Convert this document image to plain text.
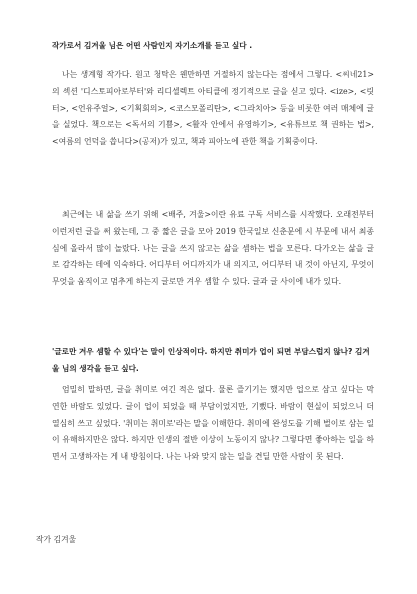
작가로서 김겨울 님은 어떤 사람인지 자기소개를 듣고 싶다 .

나는 생계형 작가다. 원고 청탁은 웬만하면 거절하지 않는다는 점에서 그렇다. <씨네21>의 섹션 '디스토피아로부터'와 리디셀렉트 아티클에 정기적으로 글을 싣고 있다. <ize>, <릿터>, <언유주얼>, <기획회의>, <코스모폴리탄>, <그라치아> 등을 비롯한 여러 매체에 글을 실었다. 책으로는 <독서의 기쁨>, <활자 안에서 유영하기>, <유튜브로 책 권하는 법>, <여름의 언덕을 씁니다>(공저)가 있고, 책과 피아노에 관한 책을 기획중이다.

최근에는 내 삶을 쓰기 위해 <배주, 겨울>이란 유료 구독 서비스를 시작했다. 오래전부터 이런저런 글을 써 왔는데, 그 중 짧은 글을 모아 2019 한국일보 신춘문에 시 부문에 내서 최종심에 올라서 많이 놀랐다. 나는 글을 쓰지 않고는 삶을 셈하는 법을 모른다. 다가오는 삶을 글로 감각하는 데에 익숙하다. 어디부터 어디까지가 내 의지고, 어디부터 내 것이 아닌지, 무엇이 무엇을 움직이고 멈추게 하는지 글로만 겨우 셈할 수 있다. 글과 글 사이에 내가 있다.

'글로만 겨우 셈할 수 있다'는 말이 인상적이다. 하지만 취미가 업이 되면 부담스럽지 않나? 김겨울 님의 생각을 듣고 싶다.

엄밀히 말하면, 글을 취미로 여긴 적은 없다. 물론 즐기기는 했지만 업으로 삼고 싶다는 막연한 바람도 있었다. 글이 업이 되었을 때 부담이었지만, 기뻤다. 바람이 현실이 되었으니 더 열심히 쓰고 싶었다. '취미는 취미로'라는 말을 이해한다. 취미에 완성도를 기해 벌이로 삼는 일이 유해하지만은 않다. 하지만 인생의 절반 이상이 노동이지 않나? 그렇다면 좋아하는 일을 하면서 고생하자는 게 내 방침이다. 나는 나와 맞지 않는 일을 견딜 만한 사람이 못 된다.

작가 김겨울
